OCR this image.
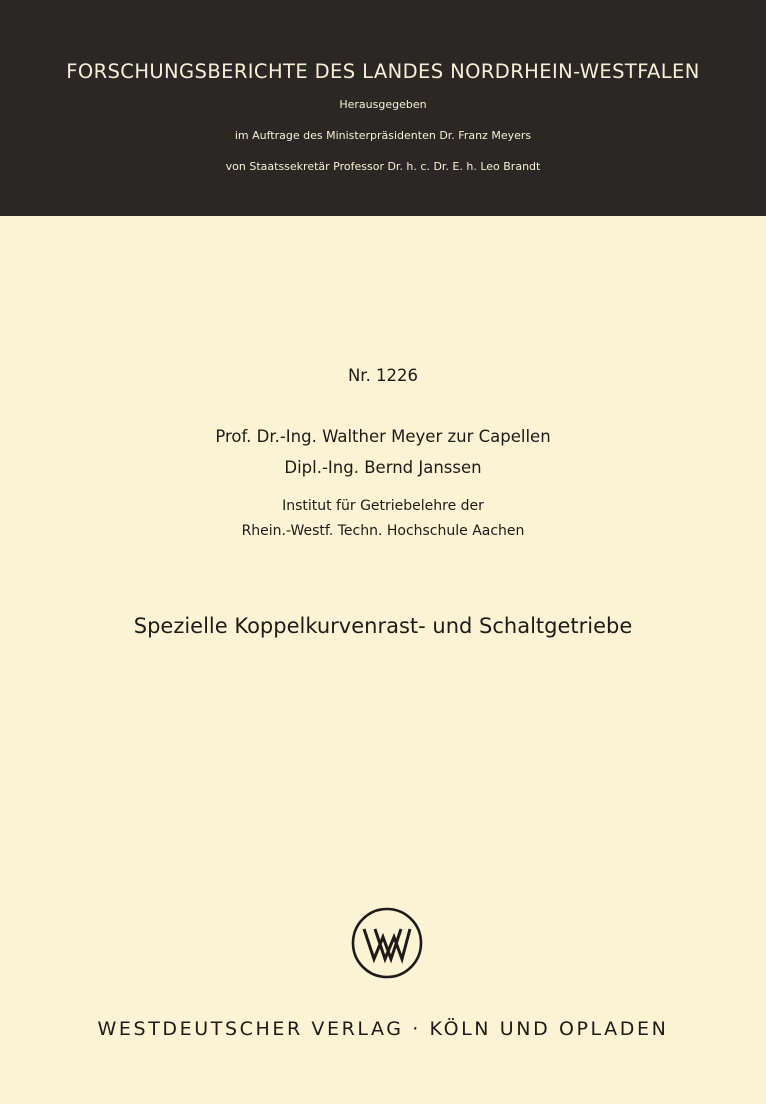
FORSCHUNGSBERICHTE DES LANDES NORDRHEIN-WESTFALEN
Herausgegeben
im Auftrage des Ministerpräsidenten Dr. Franz Meyers
von Staatssekretär Professor Dr. h. c. Dr. E. h. Leo Brandt
Nr. 1226
Prof. Dr.-Ing. Walther Meyer zur Capellen
Dipl.-Ing. Bernd Janssen
Institut für Getriebelehre der
Rhein.-Westf. Techn. Hochschule Aachen
Spezielle Koppelkurvenrast- und Schaltgetriebe
WESTDEUTSCHER VERLAG · KÖLN UND OPLADEN
